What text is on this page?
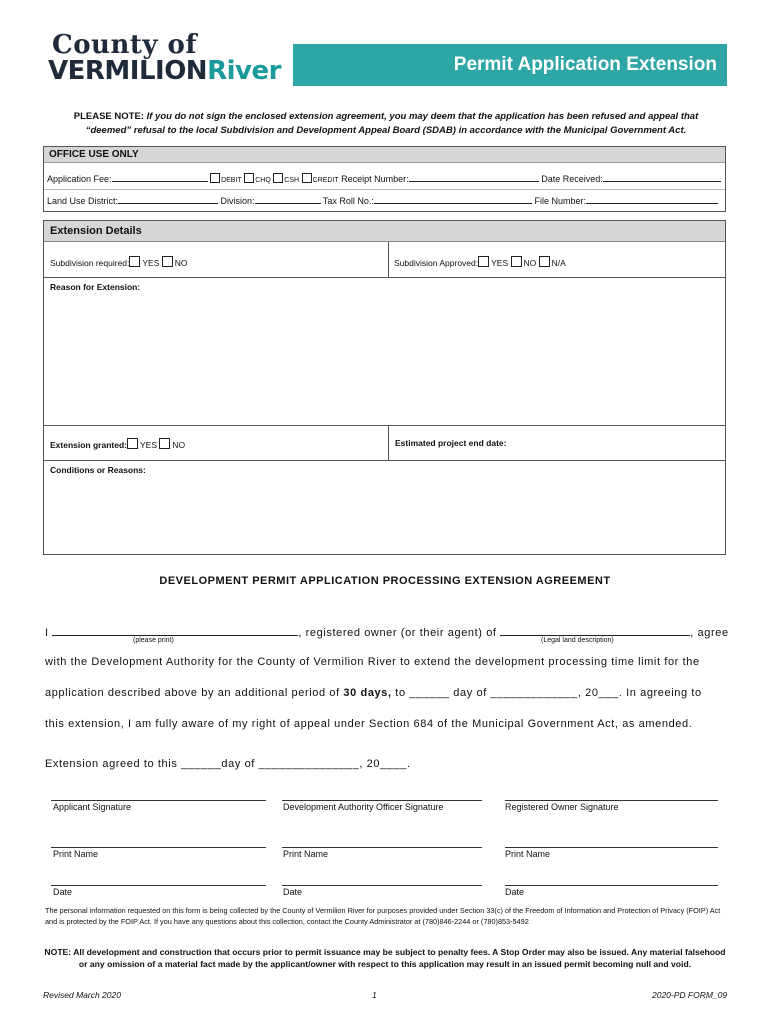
County of
VERMILIONRiver	Permit Application Extension
PLEASE NOTE: If you do not sign the enclosed extension agreement, you may deem that the application has been refused and appeal that
“deemed” refusal to the local Subdivision and Development Appeal Board (SDAB) in accordance with the Municipal Government Act.
OFFICE USE ONLY
Application Fee:	DEBIT CHQ CSH CREDIT Receipt Number:	Date Received:
Land Use District:	Division:	Tax Roll No.:	File Number:
Extension Details
Subdivision required: YES NO	Subdivision Approved: YES NO N/A
Reason for Extension:
Extension granted: YES NO	Estimated project end date:
Conditions or Reasons:
DEVELOPMENT PERMIT APPLICATION PROCESSING EXTENSION AGREEMENT
I	, registered owner (or their agent) of	, agree
(please print)	(Legal land description)
with the Development Authority for the County of Vermilion River to extend the development processing time limit for the
application described above by an additional period of 30 days, to ______ day of _____________, 20___. In agreeing to
this extension, I am fully aware of my right of appeal under Section 684 of the Municipal Government Act, as amended.
Extension agreed to this ______day of _______________, 20____.
Applicant Signature	Development Authority Officer Signature	Registered Owner Signature
Print Name	Print Name	Print Name
Date	Date	Date
The personal information requested on this form is being collected by the County of Vermilion River for purposes provided under Section 33(c) of the Freedom of Information and Protection of Privacy (FOIP) Act and is protected by the FOIP Act. If you have any questions about this collection, contact the County Administrator at (780)846-2244 or (780)853-5492
NOTE: All development and construction that occurs prior to permit issuance may be subject to penalty fees. A Stop Order may also be issued. Any material falsehood or any omission of a material fact made by the applicant/owner with respect to this application may result in an issued permit becoming null and void.
Revised March 2020	1	2020-PD FORM_09
